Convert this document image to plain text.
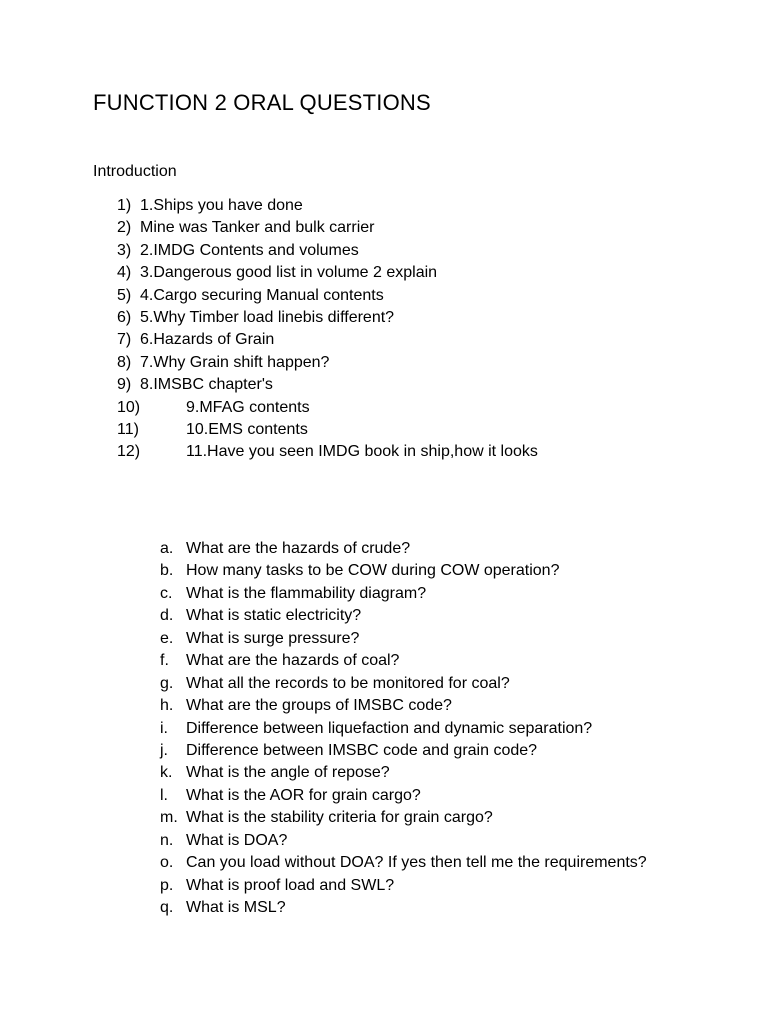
FUNCTION 2 ORAL QUESTIONS
Introduction
1) 1.Ships you have done
2) Mine was Tanker and bulk carrier
3) 2.IMDG Contents and volumes
4) 3.Dangerous good list in volume 2 explain
5) 4.Cargo securing Manual contents
6) 5.Why Timber load linebis different?
7) 6.Hazards of Grain
8) 7.Why Grain shift happen?
9) 8.IMSBC chapter's
10)	9.MFAG contents
11)	10.EMS contents
12)	11.Have you seen IMDG book in ship,how it looks
a. What are the hazards of crude?
b. How many tasks to be COW during COW operation?
c. What is the flammability diagram?
d. What is static electricity?
e. What is surge pressure?
f. What are the hazards of coal?
g. What all the records to be monitored for coal?
h. What are the groups of IMSBC code?
i. Difference between liquefaction and dynamic separation?
j. Difference between IMSBC code and grain code?
k. What is the angle of repose?
l. What is the AOR for grain cargo?
m. What is the stability criteria for grain cargo?
n. What is DOA?
o. Can you load without DOA? If yes then tell me the requirements?
p. What is proof load and SWL?
q. What is MSL?
